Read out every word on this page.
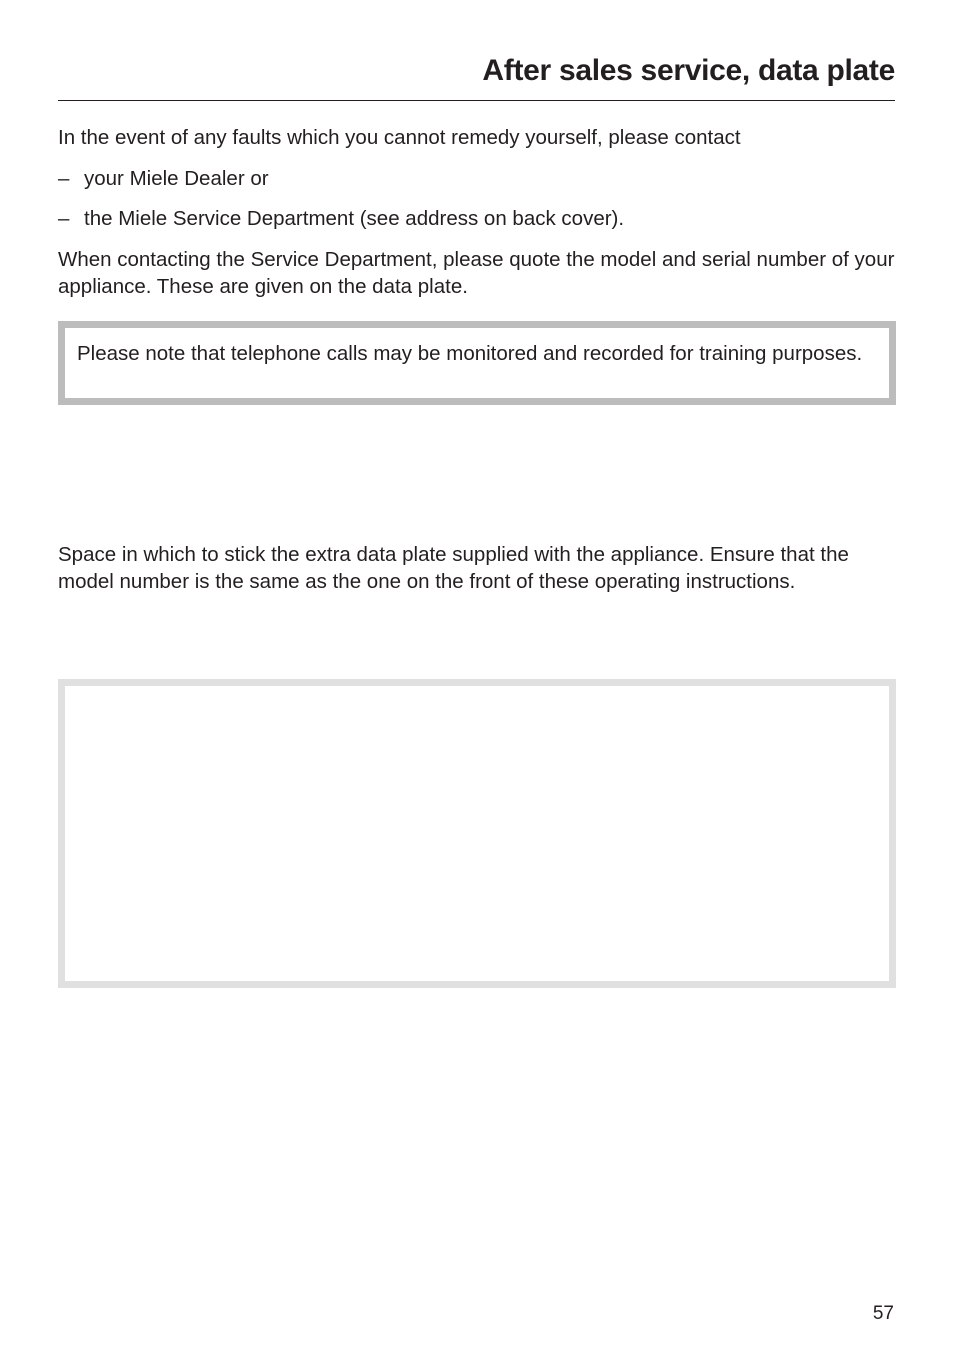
After sales service, data plate

In the event of any faults which you cannot remedy yourself, please contact

– your Miele Dealer or
– the Miele Service Department (see address on back cover).

When contacting the Service Department, please quote the model and serial number of your appliance. These are given on the data plate.

Please note that telephone calls may be monitored and recorded for training purposes.

Space in which to stick the extra data plate supplied with the appliance. Ensure that the model number is the same as the one on the front of these operating instructions.

57
